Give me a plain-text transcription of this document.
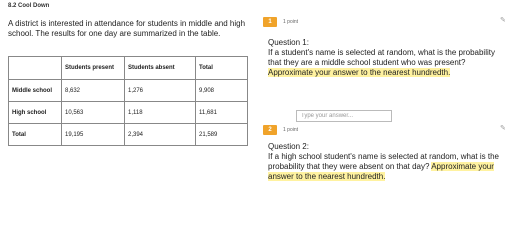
8.2 Cool Down
A district is interested in attendance for students in middle and high school. The results for one day are summarized in the table.
	Students present	Students absent	Total
Middle school	8,632	1,276	9,908
High school	10,563	1,118	11,681
Total	19,195	2,394	21,589
1	1 point	✎
Question 1:
If a student's name is selected at random, what is the probability that they are a middle school student who was present? Approximate your answer to the nearest hundredth.
Type your answer...
2	1 point	✎
Question 2:
If a high school student's name is selected at random, what is the probability that they were absent on that day? Approximate your answer to the nearest hundredth.
